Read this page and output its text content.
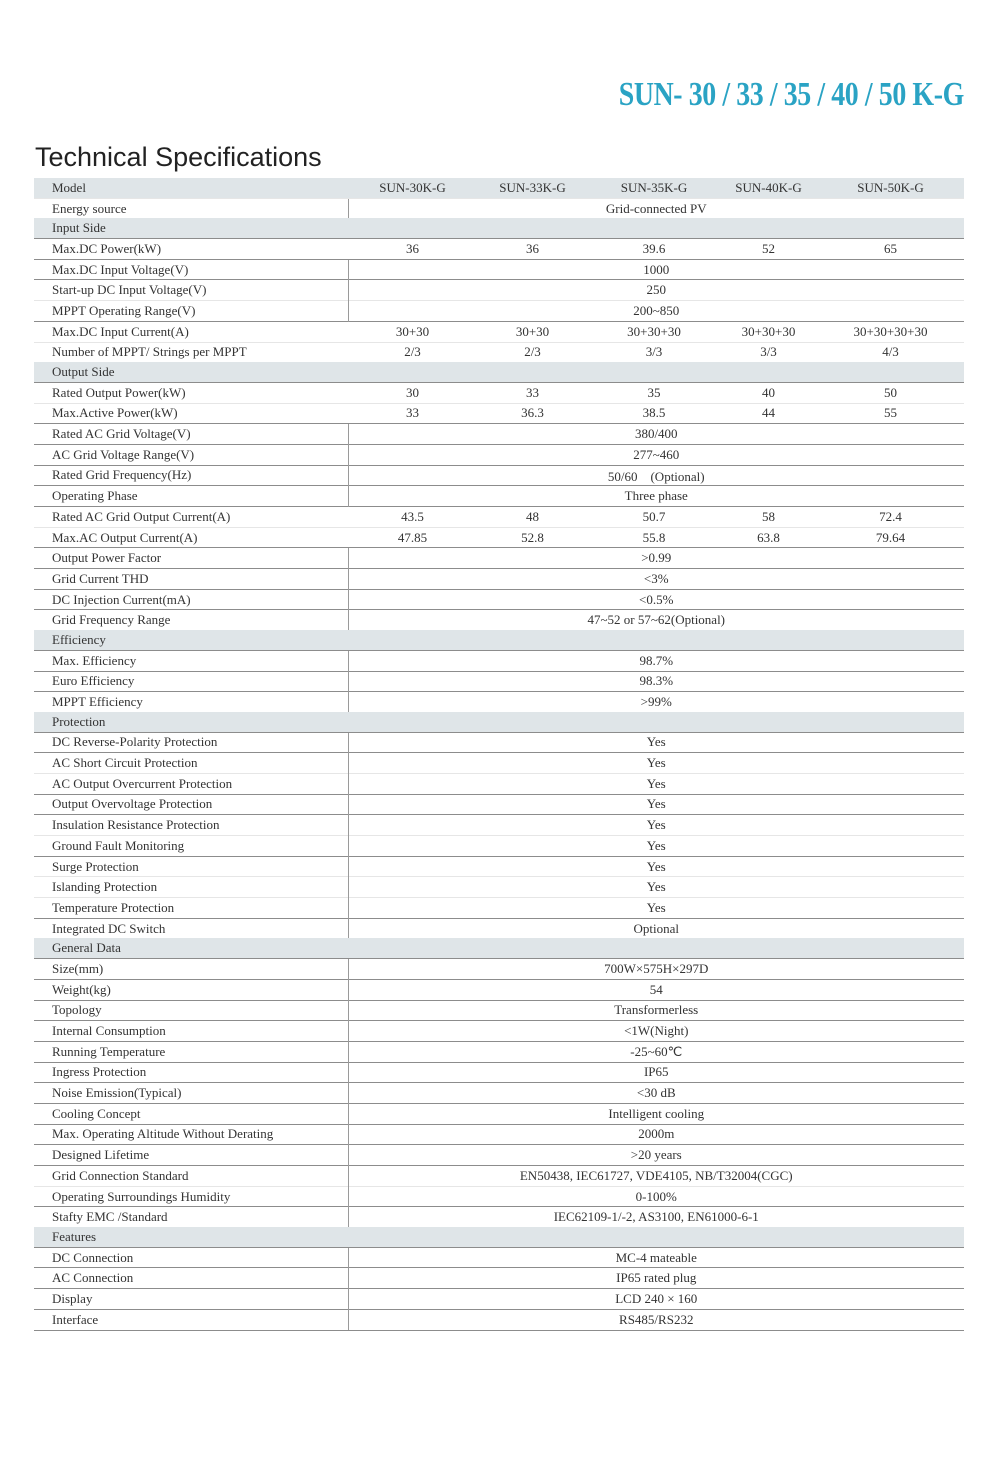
SUN- 30 / 33 / 35 / 40 / 50 K-G
Technical Specifications
Model	SUN-30K-G	SUN-33K-G	SUN-35K-G	SUN-40K-G	SUN-50K-G
Energy source	Grid-connected PV				
Input Side					
Max.DC Power(kW)	36	36	39.6	52	65
Max.DC Input Voltage(V)	1000				
Start-up DC Input Voltage(V)	250				
MPPT Operating Range(V)	200~850				
Max.DC Input Current(A)	30+30	30+30	30+30+30	30+30+30	30+30+30+30
Number of MPPT/ Strings per MPPT	2/3	2/3	3/3	3/3	4/3
Output Side					
Rated Output Power(kW)	30	33	35	40	50
Max.Active Power(kW)	33	36.3	38.5	44	55
Rated AC Grid Voltage(V)	380/400				
AC Grid Voltage Range(V)	277~460				
Rated Grid Frequency(Hz)	50/60　(Optional)				
Operating Phase	Three phase				
Rated AC Grid Output Current(A)	43.5	48	50.7	58	72.4
Max.AC Output Current(A)	47.85	52.8	55.8	63.8	79.64
Output Power Factor	>0.99				
Grid Current THD	<3%				
DC Injection Current(mA)	<0.5%				
Grid Frequency Range	47~52 or 57~62(Optional)				
Efficiency					
Max. Efficiency	98.7%				
Euro Efficiency	98.3%				
MPPT Efficiency	>99%				
Protection					
DC Reverse-Polarity Protection	Yes				
AC Short Circuit Protection	Yes				
AC Output Overcurrent Protection	Yes				
Output Overvoltage Protection	Yes				
Insulation Resistance Protection	Yes				
Ground Fault Monitoring	Yes				
Surge Protection	Yes				
Islanding Protection	Yes				
Temperature Protection	Yes				
Integrated DC Switch	Optional				
General Data					
Size(mm)	700W×575H×297D				
Weight(kg)	54				
Topology	Transformerless				
Internal Consumption	<1W(Night)				
Running Temperature	-25~60℃				
Ingress Protection	IP65				
Noise Emission(Typical)	<30 dB				
Cooling Concept	Intelligent cooling				
Max. Operating Altitude Without Derating	2000m				
Designed Lifetime	>20 years				
Grid Connection Standard	EN50438, IEC61727, VDE4105, NB/T32004(CGC)				
Operating Surroundings Humidity	0-100%				
Stafty EMC /Standard	IEC62109-1/-2, AS3100, EN61000-6-1				
Features					
DC Connection	MC-4 mateable				
AC Connection	IP65 rated plug				
Display	LCD 240 × 160				
Interface	RS485/RS232				
